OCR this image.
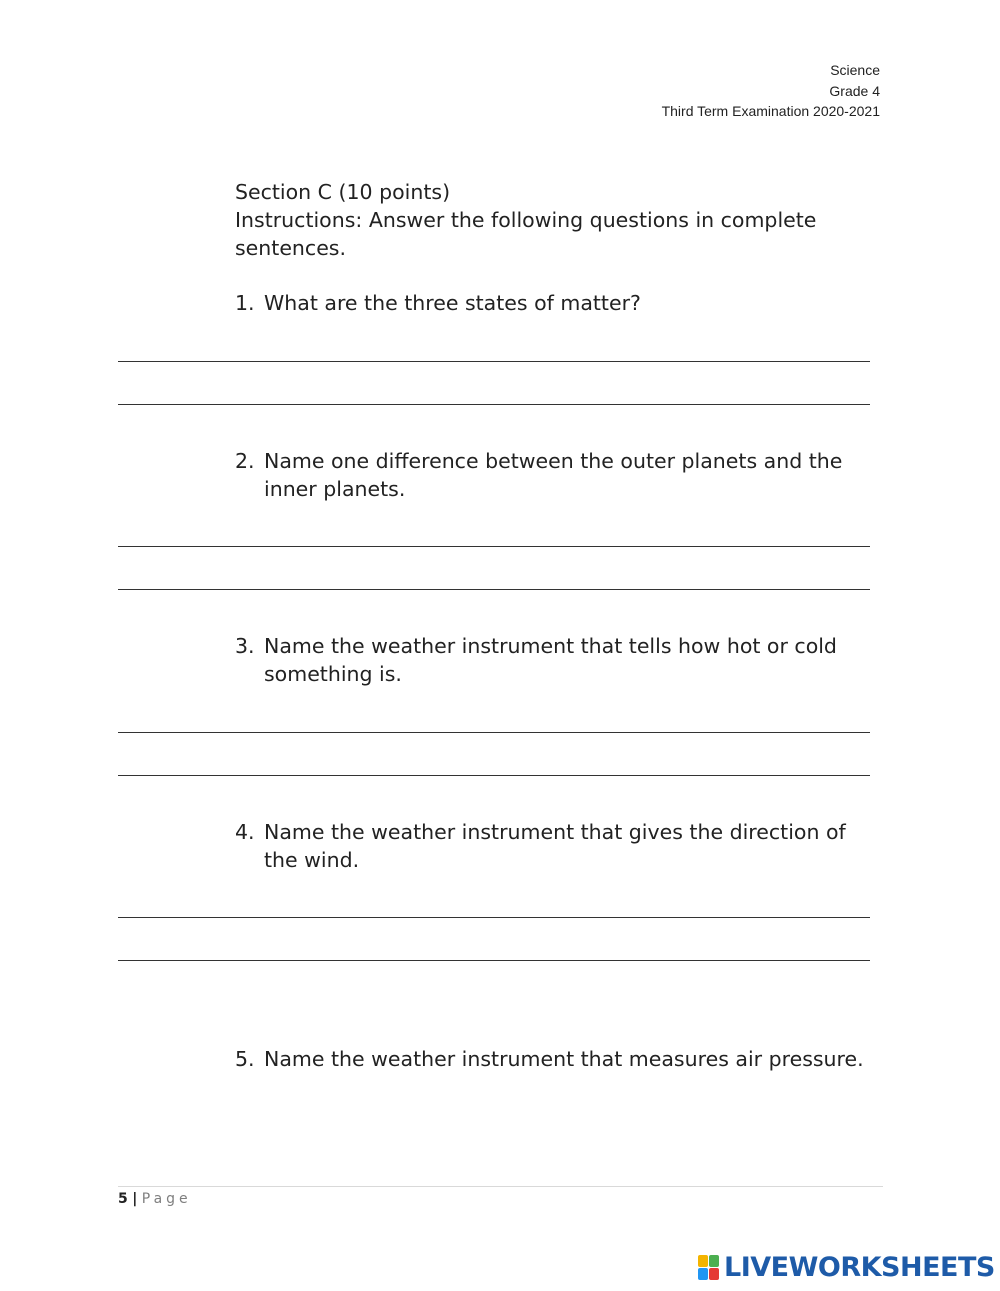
Science
Grade 4
Third Term Examination 2020-2021
Section C (10 points)
Instructions: Answer the following questions in complete sentences.
1. What are the three states of matter?
2. Name one difference between the outer planets and the inner planets.
3. Name the weather instrument that tells how hot or cold something is.
4. Name the weather instrument that gives the direction of the wind.
5. Name the weather instrument that measures air pressure.
5 | Page
LIVEWORKSHEETS
